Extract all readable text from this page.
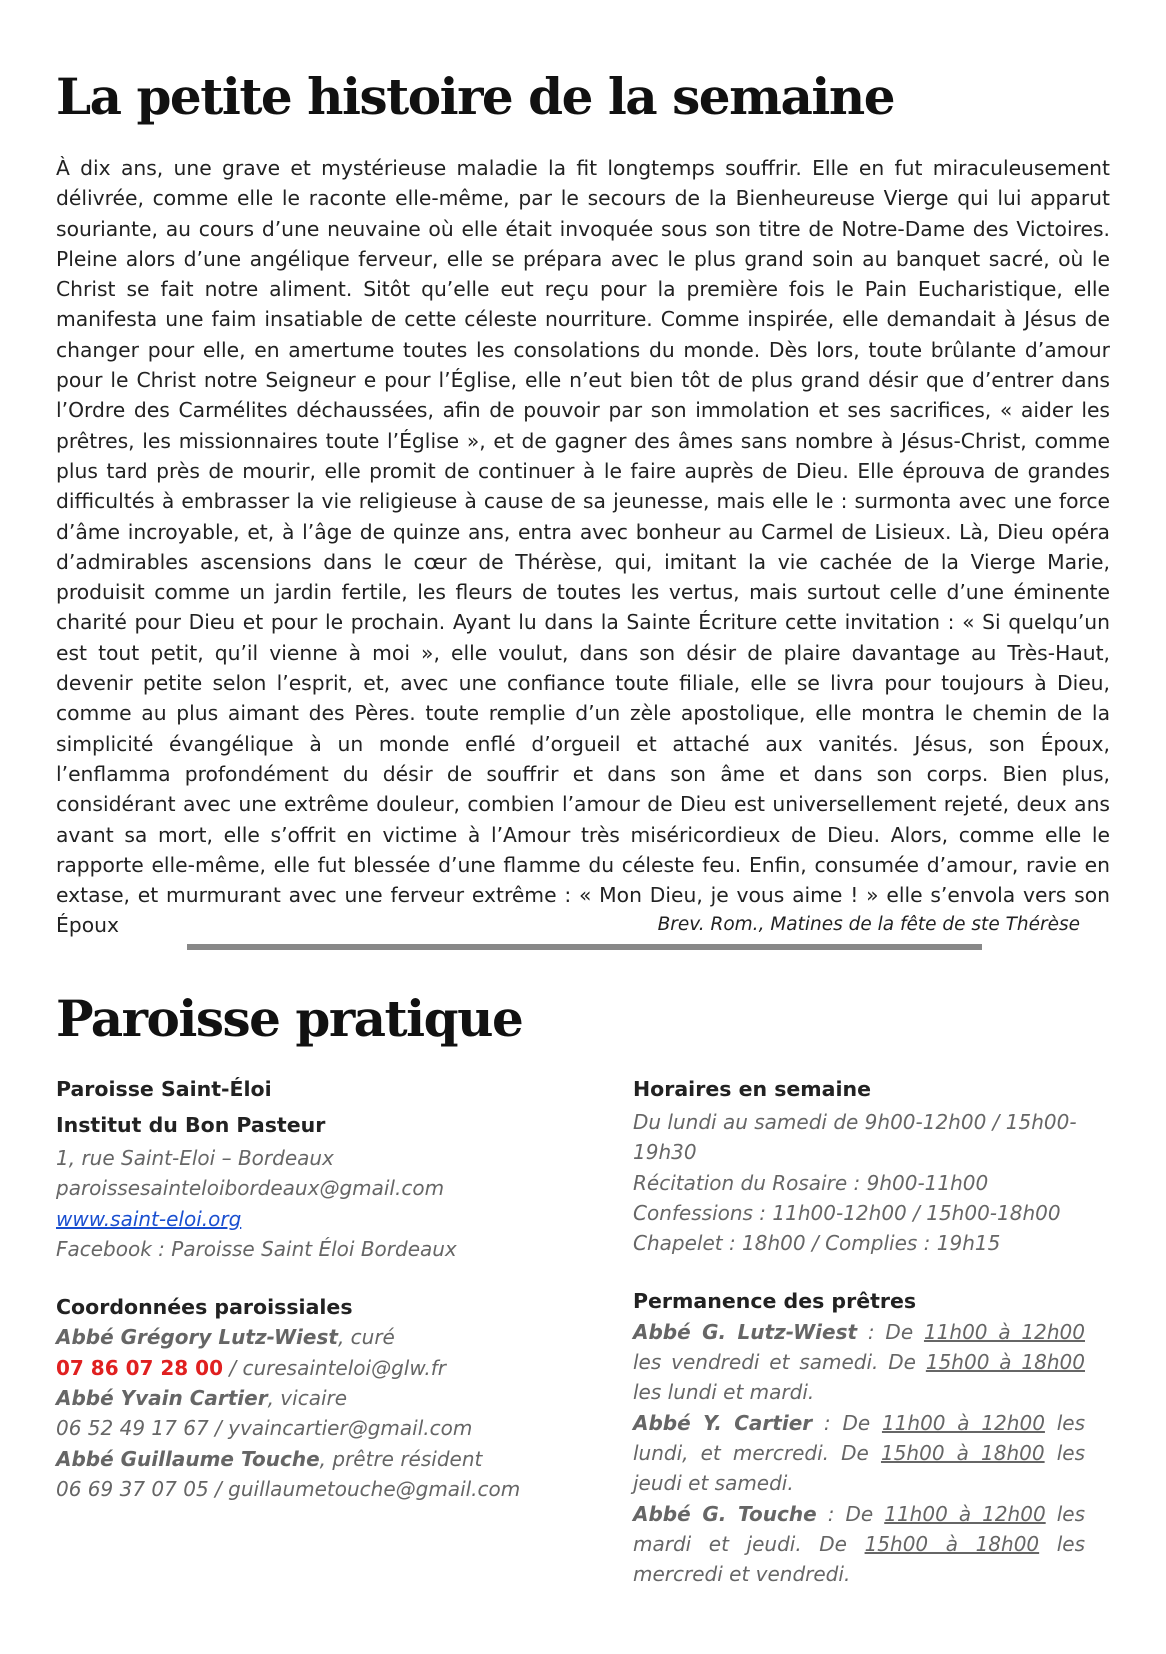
La petite histoire de la semaine

À dix ans, une grave et mystérieuse maladie la fit longtemps souffrir. Elle en fut miraculeusement délivrée, comme elle le raconte elle-même, par le secours de la Bienheureuse Vierge qui lui apparut souriante, au cours d’une neuvaine où elle était invoquée sous son titre de Notre-Dame des Victoires. Pleine alors d’une angélique ferveur, elle se prépara avec le plus grand soin au banquet sacré, où le Christ se fait notre aliment. Sitôt qu’elle eut reçu pour la première fois le Pain Eucharistique, elle manifesta une faim insatiable de cette céleste nourriture. Comme inspirée, elle demandait à Jésus de changer pour elle, en amertume toutes les consolations du monde. Dès lors, toute brûlante d’amour pour le Christ notre Seigneur e pour l’Église, elle n’eut bien tôt de plus grand désir que d’entrer dans l’Ordre des Carmélites déchaussées, afin de pouvoir par son immolation et ses sacrifices, « aider les prêtres, les missionnaires toute l’Église », et de gagner des âmes sans nombre à Jésus-Christ, comme plus tard près de mourir, elle promit de continuer à le faire auprès de Dieu. Elle éprouva de grandes difficultés à embrasser la vie religieuse à cause de sa jeunesse, mais elle le : surmonta avec une force d’âme incroyable, et, à l’âge de quinze ans, entra avec bonheur au Carmel de Lisieux. Là, Dieu opéra d’admirables ascensions dans le cœur de Thérèse, qui, imitant la vie cachée de la Vierge Marie, produisit comme un jardin fertile, les fleurs de toutes les vertus, mais surtout celle d’une éminente charité pour Dieu et pour le prochain. Ayant lu dans la Sainte Écriture cette invitation : « Si quelqu’un est tout petit, qu’il vienne à moi », elle voulut, dans son désir de plaire davantage au Très-Haut, devenir petite selon l’esprit, et, avec une confiance toute filiale, elle se livra pour toujours à Dieu, comme au plus aimant des Pères. toute remplie d’un zèle apostolique, elle montra le chemin de la simplicité évangélique à un monde enflé d’orgueil et attaché aux vanités. Jésus, son Époux, l’enflamma profondément du désir de souffrir et dans son âme et dans son corps. Bien plus, considérant avec une extrême douleur, combien l’amour de Dieu est universellement rejeté, deux ans avant sa mort, elle s’offrit en victime à l’Amour très miséricordieux de Dieu. Alors, comme elle le rapporte elle-même, elle fut blessée d’une flamme du céleste feu. Enfin, consumée d’amour, ravie en extase, et murmurant avec une ferveur extrême : « Mon Dieu, je vous aime ! » elle s’envola vers son Époux	Brev. Rom., Matines de la fête de ste Thérèse

Paroisse pratique
Paroisse Saint-Éloi
Institut du Bon Pasteur
1, rue Saint-Eloi – Bordeaux
paroissesainteloibordeaux@gmail.com
www.saint-eloi.org
Facebook : Paroisse Saint Éloi Bordeaux
Coordonnées paroissiales
Abbé Grégory Lutz-Wiest, curé
07 86 07 28 00 / curesainteloi@glw.fr
Abbé Yvain Cartier, vicaire
06 52 49 17 67 / yvaincartier@gmail.com
Abbé Guillaume Touche, prêtre résident
06 69 37 07 05 / guillaumetouche@gmail.com
Horaires en semaine
Du lundi au samedi de 9h00-12h00 / 15h00-19h30
Récitation du Rosaire : 9h00-11h00
Confessions : 11h00-12h00 / 15h00-18h00
Chapelet : 18h00 / Complies : 19h15
Permanence des prêtres
Abbé G. Lutz-Wiest : De 11h00 à 12h00 les vendredi et samedi. De 15h00 à 18h00 les lundi et mardi.
Abbé Y. Cartier : De 11h00 à 12h00 les lundi, et mercredi. De 15h00 à 18h00 les jeudi et samedi.
Abbé G. Touche : De 11h00 à 12h00 les mardi et jeudi. De 15h00 à 18h00 les mercredi et vendredi.
